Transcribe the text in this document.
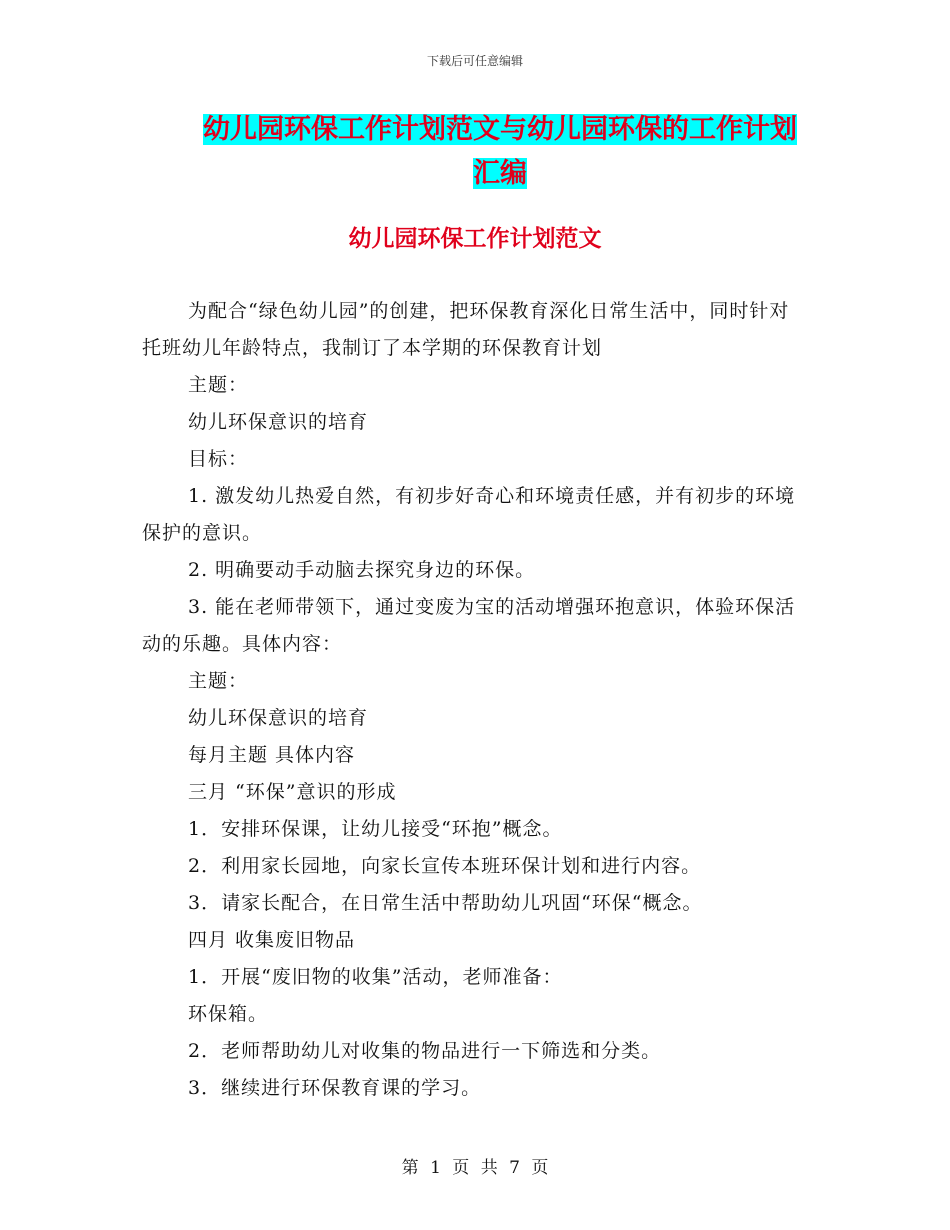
下载后可任意编辑
幼儿园环保工作计划范文与幼儿园环保的工作计划汇编
幼儿园环保工作计划范文

为配合“绿色幼儿园”的创建，把环保教育深化日常生活中，同时针对托班幼儿年龄特点，我制订了本学期的环保教育计划

主题：

幼儿环保意识的培育

目标：

1. 激发幼儿热爱自然，有初步好奇心和环境责任感，并有初步的环境保护的意识。

2. 明确要动手动脑去探究身边的环保。

3. 能在老师带领下，通过变废为宝的活动增强环抱意识，体验环保活动的乐趣。具体内容：

主题：

幼儿环保意识的培育

每月主题 具体内容

三月 “环保”意识的形成

1．安排环保课，让幼儿接受“环抱”概念。

2．利用家长园地，向家长宣传本班环保计划和进行内容。

3．请家长配合，在日常生活中帮助幼儿巩固“环保“概念。

四月 收集废旧物品

1．开展“废旧物的收集”活动，老师准备：

环保箱。

2．老师帮助幼儿对收集的物品进行一下筛选和分类。

3．继续进行环保教育课的学习。

第 1 页 共 7 页
